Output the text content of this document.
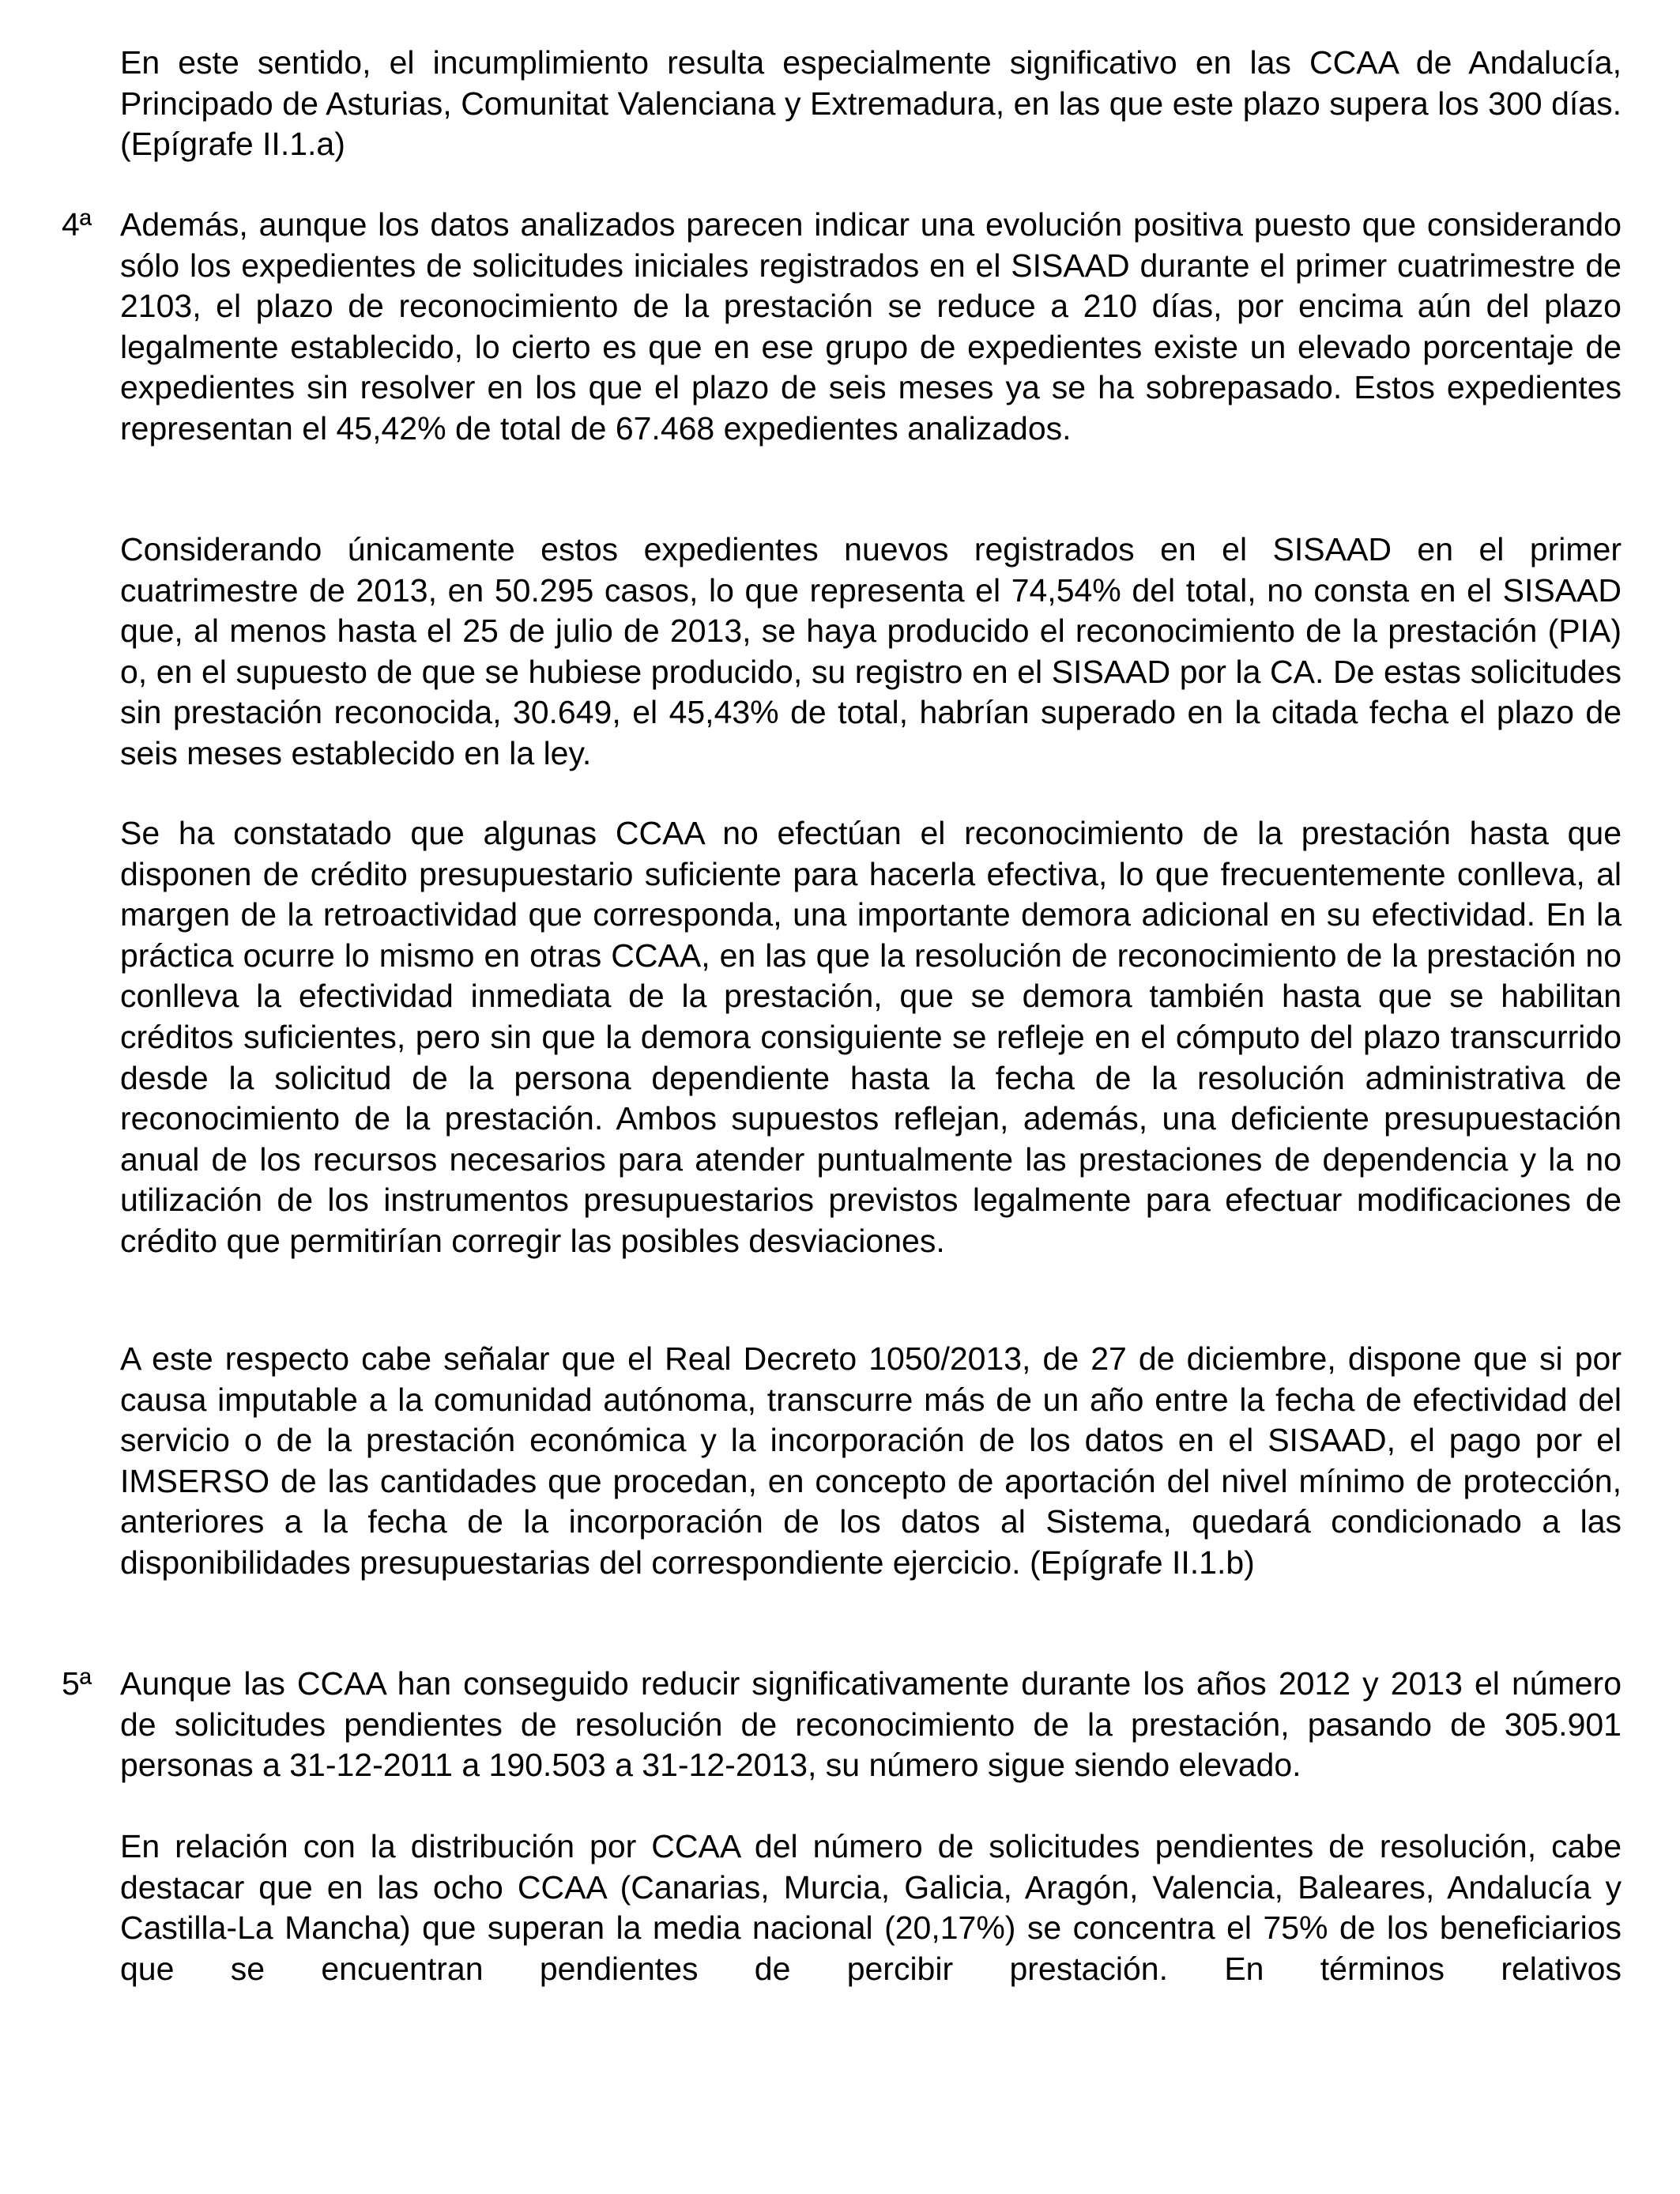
En este sentido, el incumplimiento resulta especialmente significativo en las CCAA de Andalucía, Principado de Asturias, Comunitat Valenciana y Extremadura, en las que este plazo supera los 300 días. (Epígrafe II.1.a)

4ª Además, aunque los datos analizados parecen indicar una evolución positiva puesto que considerando sólo los expedientes de solicitudes iniciales registrados en el SISAAD durante el primer cuatrimestre de 2103, el plazo de reconocimiento de la prestación se reduce a 210 días, por encima aún del plazo legalmente establecido, lo cierto es que en ese grupo de expedientes existe un elevado porcentaje de expedientes sin resolver en los que el plazo de seis meses ya se ha sobrepasado. Estos expedientes representan el 45,42% de total de 67.468 expedientes analizados.

Considerando únicamente estos expedientes nuevos registrados en el SISAAD en el primer cuatrimestre de 2013, en 50.295 casos, lo que representa el 74,54% del total, no consta en el SISAAD que, al menos hasta el 25 de julio de 2013, se haya producido el reconocimiento de la prestación (PIA) o, en el supuesto de que se hubiese producido, su registro en el SISAAD por la CA. De estas solicitudes sin prestación reconocida, 30.649, el 45,43% de total, habrían superado en la citada fecha el plazo de seis meses establecido en la ley.

Se ha constatado que algunas CCAA no efectúan el reconocimiento de la prestación hasta que disponen de crédito presupuestario suficiente para hacerla efectiva, lo que frecuentemente conlleva, al margen de la retroactividad que corresponda, una importante demora adicional en su efectividad. En la práctica ocurre lo mismo en otras CCAA, en las que la resolución de reconocimiento de la prestación no conlleva la efectividad inmediata de la prestación, que se demora también hasta que se habilitan créditos suficientes, pero sin que la demora consiguiente se refleje en el cómputo del plazo transcurrido desde la solicitud de la persona dependiente hasta la fecha de la resolución administrativa de reconocimiento de la prestación. Ambos supuestos reflejan, además, una deficiente presupuestación anual de los recursos necesarios para atender puntualmente las prestaciones de dependencia y la no utilización de los instrumentos presupuestarios previstos legalmente para efectuar modificaciones de crédito que permitirían corregir las posibles desviaciones.

A este respecto cabe señalar que el Real Decreto 1050/2013, de 27 de diciembre, dispone que si por causa imputable a la comunidad autónoma, transcurre más de un año entre la fecha de efectividad del servicio o de la prestación económica y la incorporación de los datos en el SISAAD, el pago por el IMSERSO de las cantidades que procedan, en concepto de aportación del nivel mínimo de protección, anteriores a la fecha de la incorporación de los datos al Sistema, quedará condicionado a las disponibilidades presupuestarias del correspondiente ejercicio. (Epígrafe II.1.b)

5ª Aunque las CCAA han conseguido reducir significativamente durante los años 2012 y 2013 el número de solicitudes pendientes de resolución de reconocimiento de la prestación, pasando de 305.901 personas a 31-12-2011 a 190.503 a 31-12-2013, su número sigue siendo elevado.

En relación con la distribución por CCAA del número de solicitudes pendientes de resolución, cabe destacar que en las ocho CCAA (Canarias, Murcia, Galicia, Aragón, Valencia, Baleares, Andalucía y Castilla-La Mancha) que superan la media nacional (20,17%) se concentra el 75% de los beneficiarios que se encuentran pendientes de percibir prestación. En términos relativos
